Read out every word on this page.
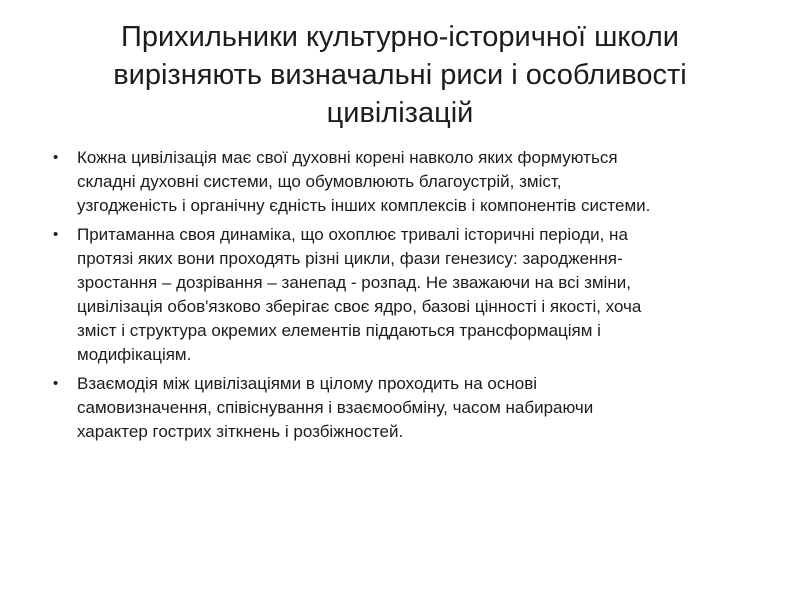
Прихильники культурно-історичної школи
вирізняють визначальні риси і особливості
цивілізацій
• Кожна цивілізація має свої духовні корені навколо яких формуються
складні духовні системи, що обумовлюють благоустрій, зміст,
узгодженість і органічну єдність інших комплексів і компонентів системи.
• Притаманна своя динаміка, що охоплює тривалі історичні періоди, на
протязі яких вони проходять різні цикли, фази генезису: зародження-
зростання – дозрівання – занепад - розпад. Не зважаючи на всі зміни,
цивілізація обов'язково зберігає своє ядро, базові цінності і якості, хоча
зміст і структура окремих елементів піддаються трансформаціям і
модифікаціям.
• Взаємодія між цивілізаціями в цілому проходить на основі
самовизначення, співіснування і взаємообміну, часом набираючи
характер гострих зіткнень і розбіжностей.
